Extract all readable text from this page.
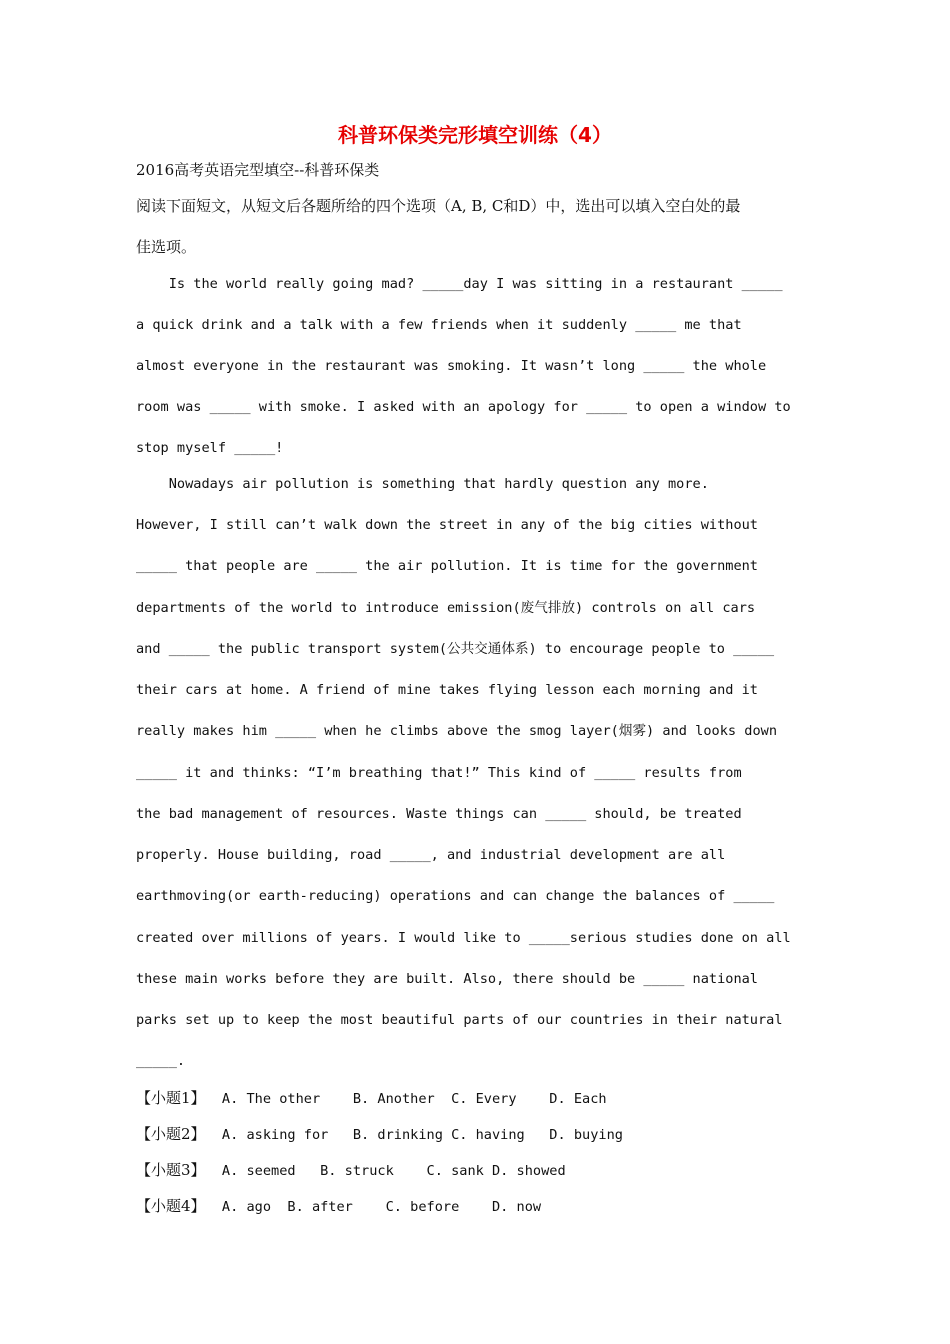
科普环保类完形填空训练（4）
2016高考英语完型填空--科普环保类
阅读下面短文，从短文后各题所给的四个选项（A, B, C和D）中，选出可以填入空白处的最
佳选项。
Is the world really going mad? _____day I was sitting in a restaurant _____
a quick drink and a talk with a few friends when it suddenly _____ me that
almost everyone in the restaurant was smoking. It wasn’t long _____ the whole
room was _____ with smoke. I asked with an apology for _____ to open a window to
stop myself _____!
Nowadays air pollution is something that hardly question any more.
However, I still can’t walk down the street in any of the big cities without
_____ that people are _____ the air pollution. It is time for the government
departments of the world to introduce emission(废气排放) controls on all cars
and _____ the public transport system(公共交通体系) to encourage people to _____
their cars at home. A friend of mine takes flying lesson each morning and it
really makes him _____ when he climbs above the smog layer(烟雾) and looks down
_____ it and thinks: “I’m breathing that!” This kind of _____ results from
the bad management of resources. Waste things can _____ should, be treated
properly. House building, road _____, and industrial development are all
earthmoving(or earth-reducing) operations and can change the balances of _____
created over millions of years. I would like to _____serious studies done on all
these main works before they are built. Also, there should be _____ national
parks set up to keep the most beautiful parts of our countries in their natural
_____.
【小题1】  A. The other    B. Another  C. Every    D. Each
【小题2】  A. asking for   B. drinking C. having   D. buying
【小题3】  A. seemed   B. struck    C. sank D. showed
【小题4】  A. ago  B. after    C. before    D. now
